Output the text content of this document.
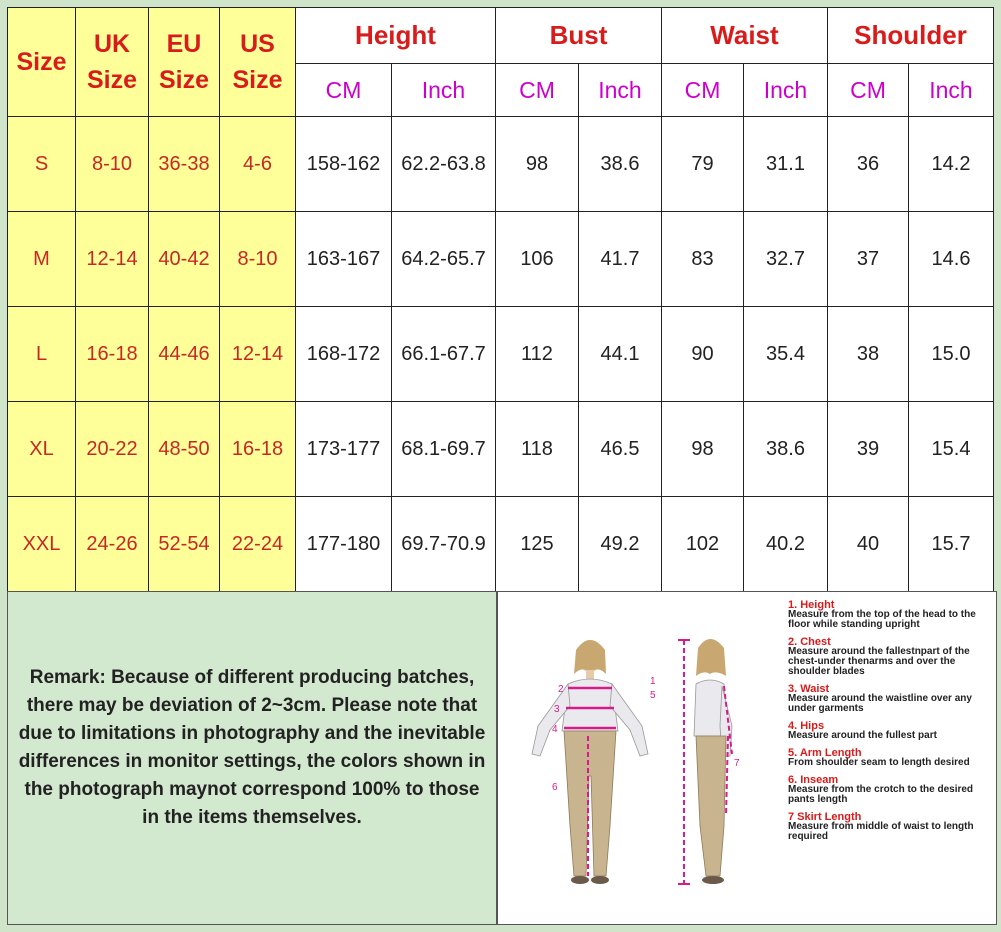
Size	UK Size	EU Size	US Size	Height		Bust		Waist		Shoulder	
				CM	Inch	CM	Inch	CM	Inch	CM	Inch
S	8-10	36-38	4-6	158-162	62.2-63.8	98	38.6	79	31.1	36	14.2
M	12-14	40-42	8-10	163-167	64.2-65.7	106	41.7	83	32.7	37	14.6
L	16-18	44-46	12-14	168-172	66.1-67.7	112	44.1	90	35.4	38	15.0
XL	20-22	48-50	16-18	173-177	68.1-69.7	118	46.5	98	38.6	39	15.4
XXL	24-26	52-54	22-24	177-180	69.7-70.9	125	49.2	102	40.2	40	15.7
Remark: Because of different producing batches, there may be deviation of 2~3cm. Please note that due to limitations in photography and the inevitable differences in monitor settings, the colors shown in the photograph maynot correspond 100% to those in the items themselves.
1
2
3
4
5
6
7
1. Height
Measure from the top of the head to the floor while standing upright
2. Chest
Measure around the fallestnpart of the chest-under thenarms and over the shoulder blades
3. Waist
Measure around the waistline over any under garments
4. Hips
Measure around the fullest part
5. Arm Length
From shoulder seam to length desired
6. Inseam
Measure from the crotch to the desired pants length
7 Skirt Length
Measure from middle of waist to length required
